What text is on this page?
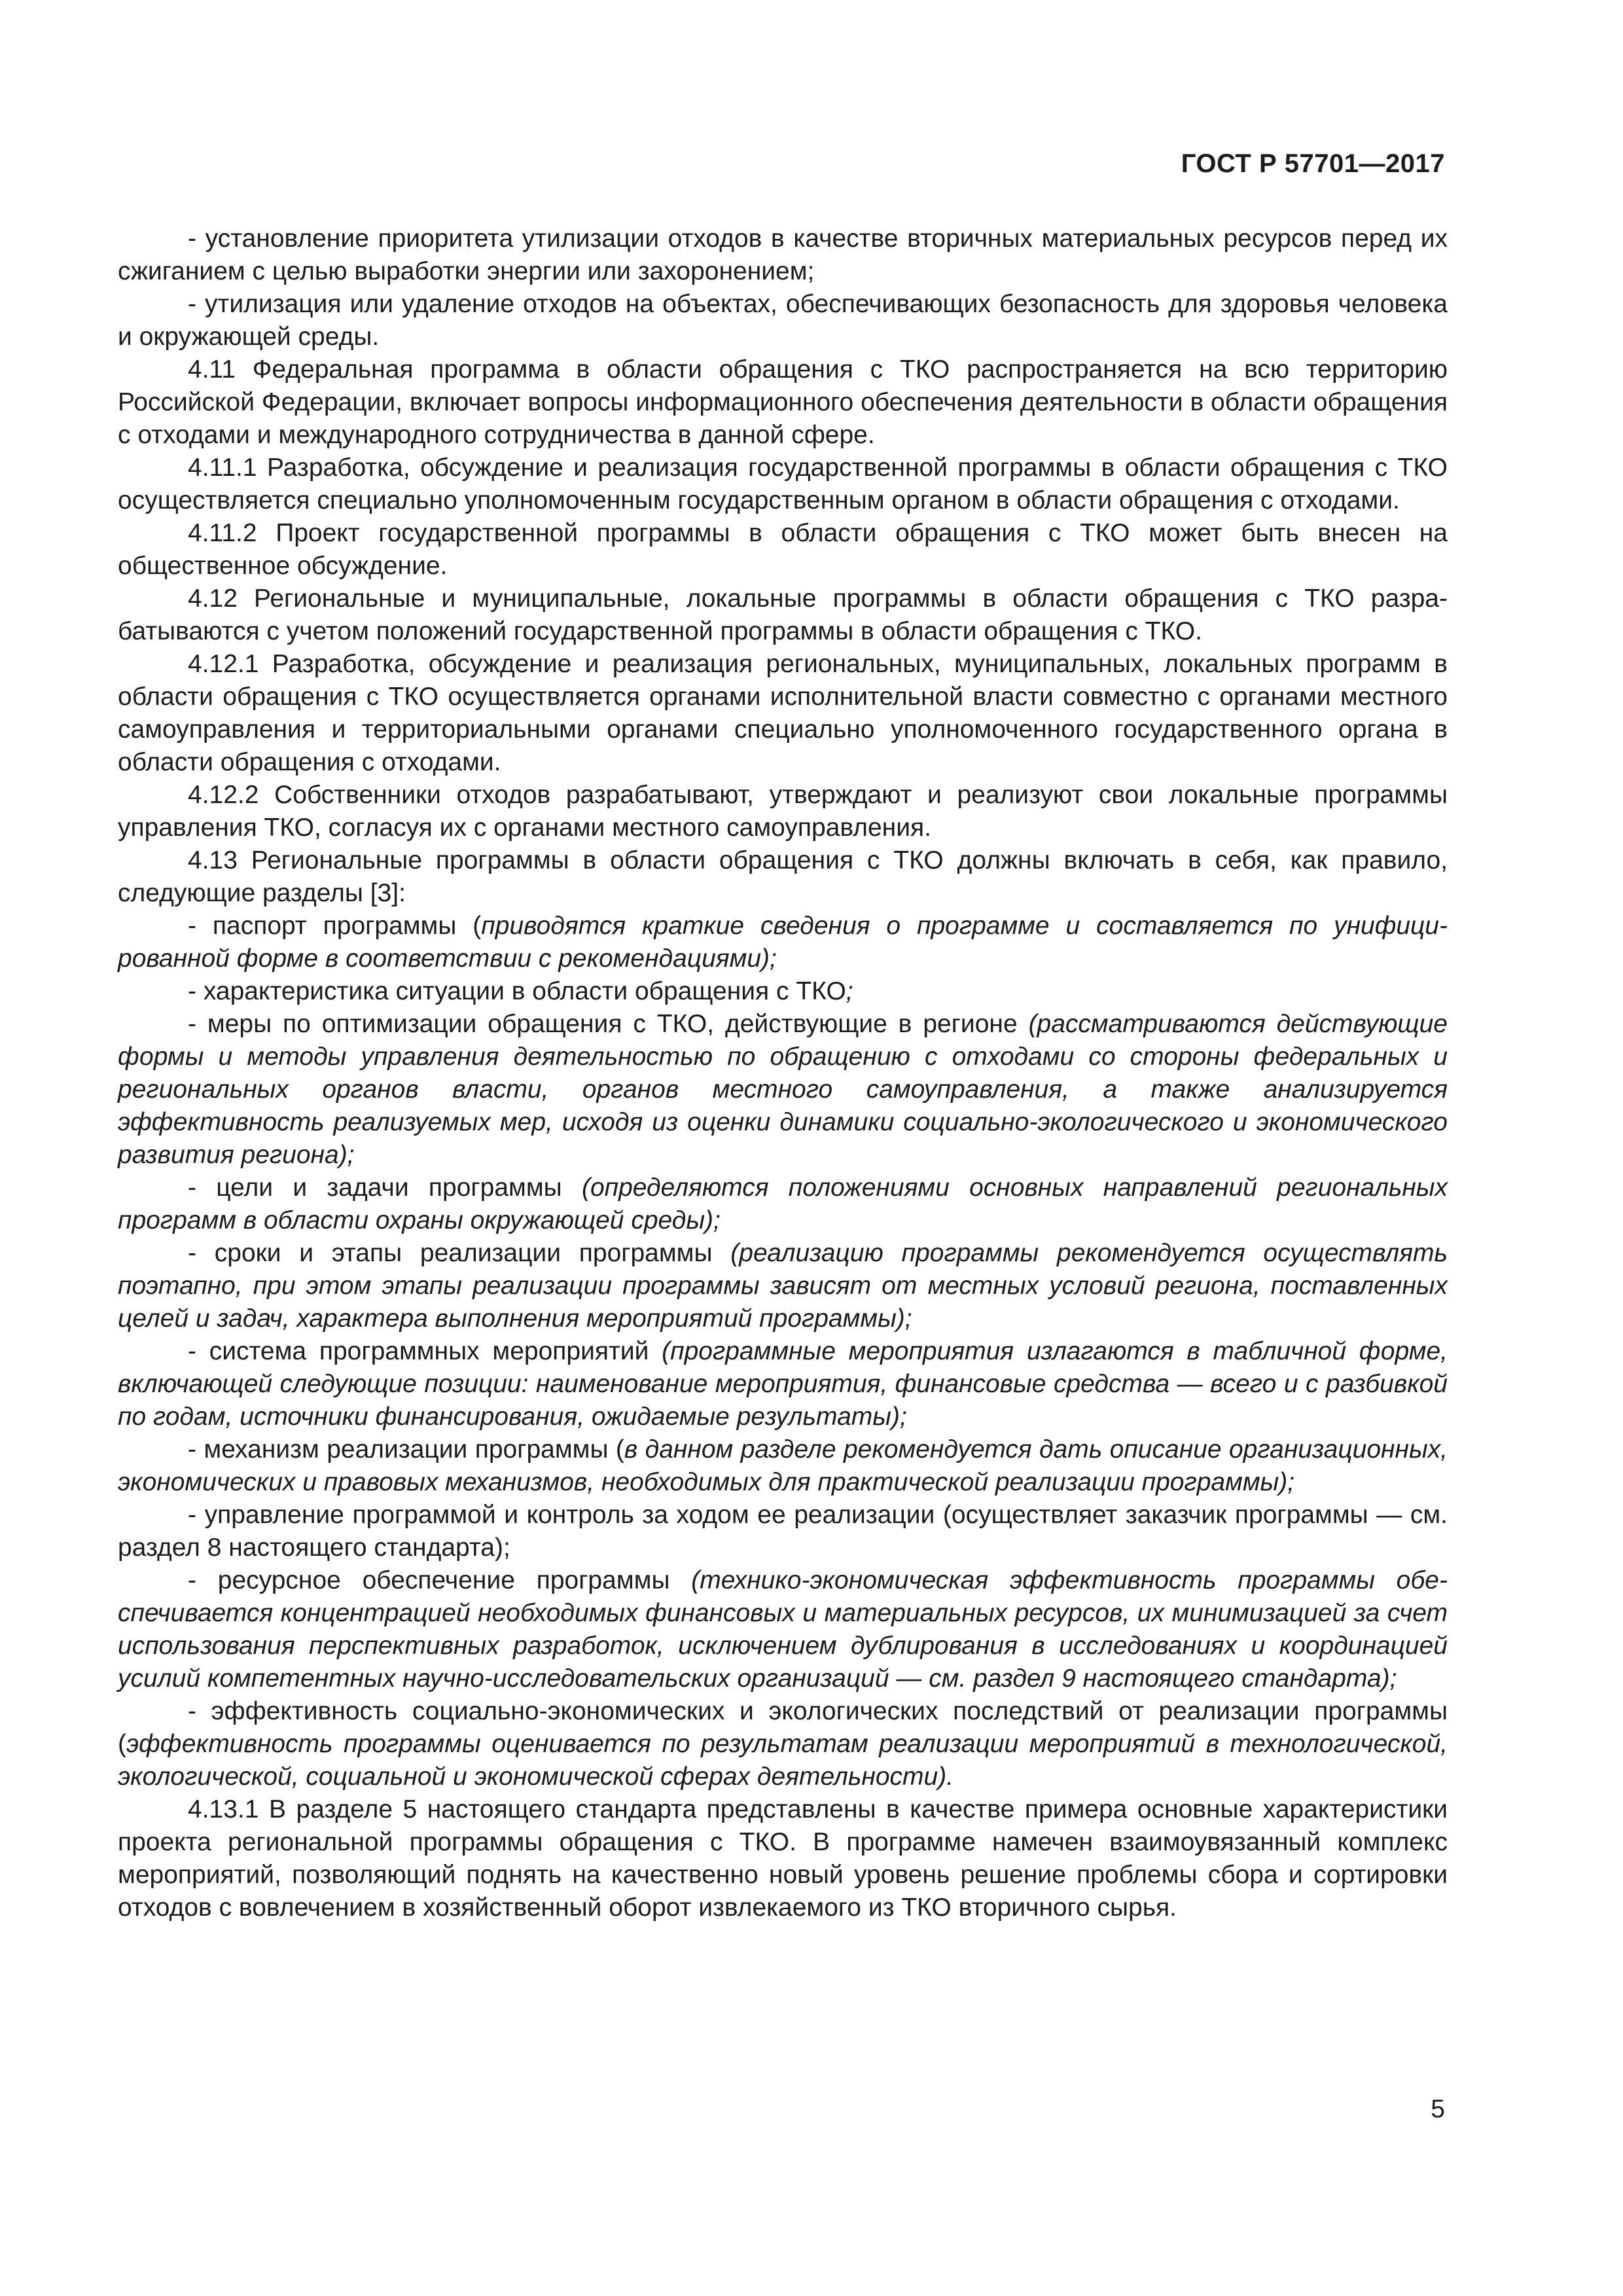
ГОСТ Р 57701—2017

- установление приоритета утилизации отходов в качестве вторичных материальных ресурсов перед их сжиганием с целью выработки энергии или захоронением;

- утилизация или удаление отходов на объектах, обеспечивающих безопасность для здоровья человека и окружающей среды.

4.11 Федеральная программа в области обращения с ТКО распространяется на всю территорию Российской Федерации, включает вопросы информационного обеспечения деятельности в области обращения с отходами и международного сотрудничества в данной сфере.

4.11.1 Разработка, обсуждение и реализация государственной программы в области обращения с ТКО осуществляется специально уполномоченным государственным органом в области обращения с отходами.

4.11.2 Проект государственной программы в области обращения с ТКО может быть внесен на общественное обсуждение.

4.12 Региональные и муниципальные, локальные программы в области обращения с ТКО разрабатываются с учетом положений государственной программы в области обращения с ТКО.

4.12.1 Разработка, обсуждение и реализация региональных, муниципальных, локальных программ в области обращения с ТКО осуществляется органами исполнительной власти совместно с органами местного самоуправления и территориальными органами специально уполномоченного государственного органа в области обращения с отходами.

4.12.2 Собственники отходов разрабатывают, утверждают и реализуют свои локальные программы управления ТКО, согласуя их с органами местного самоуправления.

4.13 Региональные программы в области обращения с ТКО должны включать в себя, как правило, следующие разделы [3]:

- паспорт программы (приводятся краткие сведения о программе и составляется по унифицированной форме в соответствии с рекомендациями);

- характеристика ситуации в области обращения с ТКО;

- меры по оптимизации обращения с ТКО, действующие в регионе (рассматриваются действующие формы и методы управления деятельностью по обращению с отходами со стороны федеральных и региональных органов власти, органов местного самоуправления, а также анализируется эффективность реализуемых мер, исходя из оценки динамики социально-экологического и экономического развития региона);

- цели и задачи программы (определяются положениями основных направлений региональных программ в области охраны окружающей среды);

- сроки и этапы реализации программы (реализацию программы рекомендуется осуществлять поэтапно, при этом этапы реализации программы зависят от местных условий региона, поставленных целей и задач, характера выполнения мероприятий программы);

- система программных мероприятий (программные мероприятия излагаются в табличной форме, включающей следующие позиции: наименование мероприятия, финансовые средства — всего и с разбивкой по годам, источники финансирования, ожидаемые результаты);

- механизм реализации программы (в данном разделе рекомендуется дать описание организационных, экономических и правовых механизмов, необходимых для практической реализации программы);

- управление программой и контроль за ходом ее реализации (осуществляет заказчик программы — см. раздел 8 настоящего стандарта);

- ресурсное обеспечение программы (технико-экономическая эффективность программы обеспечивается концентрацией необходимых финансовых и материальных ресурсов, их минимизацией за счет использования перспективных разработок, исключением дублирования в исследованиях и координацией усилий компетентных научно-исследовательских организаций — см. раздел 9 настоящего стандарта);

- эффективность социально-экономических и экологических последствий от реализации программы (эффективность программы оценивается по результатам реализации мероприятий в технологической, экологической, социальной и экономической сферах деятельности).

4.13.1 В разделе 5 настоящего стандарта представлены в качестве примера основные характеристики проекта региональной программы обращения с ТКО. В программе намечен взаимоувязанный комплекс мероприятий, позволяющий поднять на качественно новый уровень решение проблемы сбора и сортировки отходов с вовлечением в хозяйственный оборот извлекаемого из ТКО вторичного сырья.

5
